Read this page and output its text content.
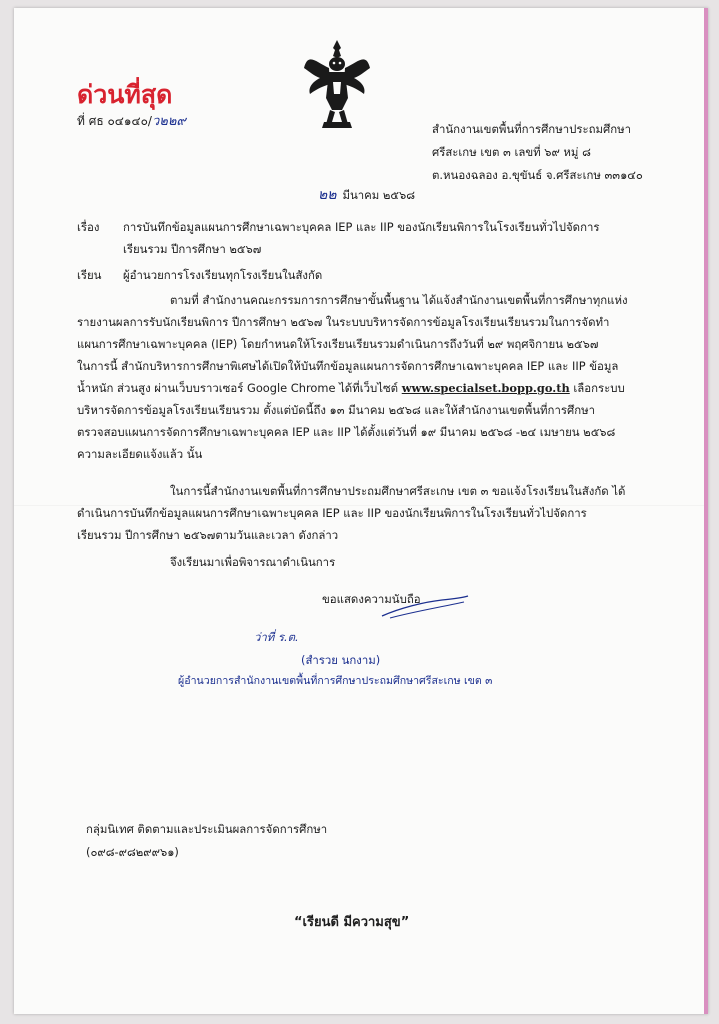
ด่วนที่สุด
ที่ ศธ ๐๔๑๔๐/ว๒๒๙	สำนักงานเขตพื้นที่การศึกษาประถมศึกษา
ศรีสะเกษ เขต ๓ เลขที่ ๖๙ หมู่ ๘
ต.หนองฉลอง อ.ขุขันธ์ จ.ศรีสะเกษ ๓๓๑๔๐
๒๒ มีนาคม ๒๕๖๘
เรื่อง การบันทึกข้อมูลแผนการศึกษาเฉพาะบุคคล IEP และ IIP ของนักเรียนพิการในโรงเรียนทั่วไปจัดการ
เรียนรวม ปีการศึกษา ๒๕๖๗
เรียน ผู้อำนวยการโรงเรียนทุกโรงเรียนในสังกัด
ตามที่ สำนักงานคณะกรรมการการศึกษาขั้นพื้นฐาน ได้แจ้งสำนักงานเขตพื้นที่การศึกษาทุกแห่ง
รายงานผลการรับนักเรียนพิการ ปีการศึกษา ๒๕๖๗ ในระบบบริหารจัดการข้อมูลโรงเรียนเรียนรวมในการจัดทำ
แผนการศึกษาเฉพาะบุคคล (IEP) โดยกำหนดให้โรงเรียนเรียนรวมดำเนินการถึงวันที่ ๒๙ พฤศจิกายน ๒๕๖๗
ในการนี้ สำนักบริหารการศึกษาพิเศษได้เปิดให้บันทึกข้อมูลแผนการจัดการศึกษาเฉพาะบุคคล IEP และ IIP ข้อมูล
น้ำหนัก ส่วนสูง ผ่านเว็บบราวเซอร์ Google Chrome ได้ที่เว็บไซต์ www.specialset.bopp.go.th เลือกระบบ
บริหารจัดการข้อมูลโรงเรียนเรียนรวม ตั้งแต่บัดนี้ถึง ๑๓ มีนาคม ๒๕๖๘ และให้สำนักงานเขตพื้นที่การศึกษา
ตรวจสอบแผนการจัดการศึกษาเฉพาะบุคคล IEP และ IIP ได้ตั้งแต่วันที่ ๑๙ มีนาคม ๒๕๖๘ -๒๔ เมษายน ๒๕๖๘
ความละเอียดแจ้งแล้ว นั้น
ในการนี้สำนักงานเขตพื้นที่การศึกษาประถมศึกษาศรีสะเกษ เขต ๓ ขอแจ้งโรงเรียนในสังกัด ได้
ดำเนินการบันทึกข้อมูลแผนการศึกษาเฉพาะบุคคล IEP และ IIP ของนักเรียนพิการในโรงเรียนทั่วไปจัดการ
เรียนรวม ปีการศึกษา ๒๕๖๗ตามวันและเวลา ดังกล่าว
จึงเรียนมาเพื่อพิจารณาดำเนินการ
ขอแสดงความนับถือ
ว่าที่ ร.ต.
(สำรวย นกงาม)
ผู้อำนวยการสำนักงานเขตพื้นที่การศึกษาประถมศึกษาศรีสะเกษ เขต ๓
กลุ่มนิเทศ ติดตามและประเมินผลการจัดการศึกษา
(๐๙๘-๙๘๒๙๙๖๑)
“เรียนดี มีความสุข”
